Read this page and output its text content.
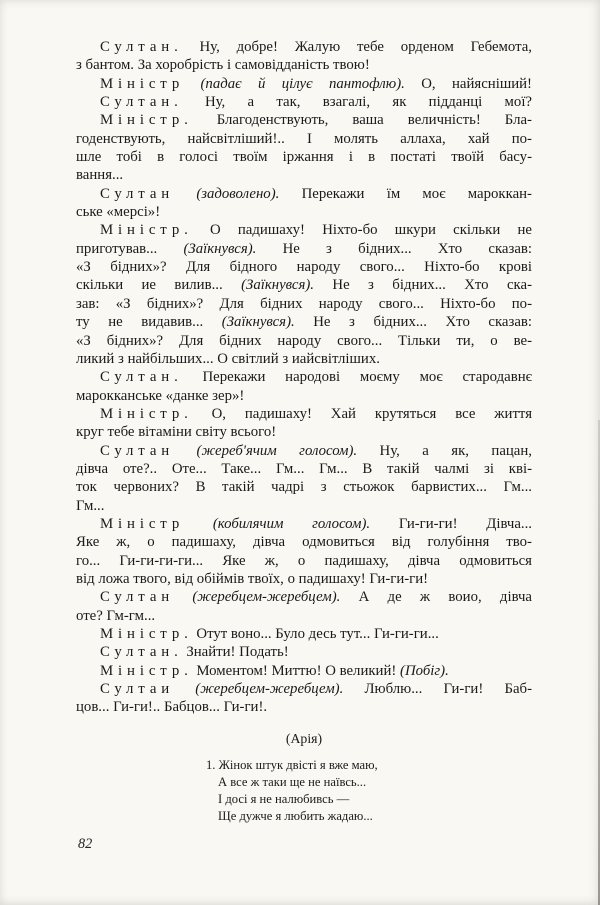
Султан. Ну, добре! Жалую тебе орденом Гебемота,
з бантом. За хоробрість і самовідданість твою!
Міністр (падає й цілує пантофлю). О, найясніший!
Султан. Ну, а так, взагалі, як підданці мої?
Міністр. Благоденствують, ваша величність! Бла-
годенствують, найсвітліший!.. І молять аллаха, хай по-
шле тобі в голосі твоїм іржання і в постаті твоїй басу-
вання...
Султан (задоволено). Перекажи їм моє мароккан-
ське «мерсі»!
Міністр. О падишаху! Ніхто-бо шкури скільки не
приготував... (Заїкнувся). Не з бідних... Хто сказав:
«З бідних»? Для бідного народу свого... Ніхто-бо крові
скільки ие вилив... (Заїкнувся). Не з бідних... Хто ска-
зав: «З бідних»? Для бідних народу свого... Ніхто-бо по-
ту не видавив... (Заїкнувся). Не з бідних... Хто сказав:
«З бідних»? Для бідних народу свого... Тільки ти, о ве-
ликий з найбільших... О світлий з иайсвітліших.
Султан. Перекажи народові моєму моє стародавнє
марокканське «данке зер»!
Міністр. О, падишаху! Хай крутяться все життя
круг тебе вітаміни світу всього!
Султан (жереб'ячим голосом). Ну, а як, пацан,
дівча оте?.. Оте... Таке... Гм... Гм... В такій чалмі зі кві-
ток червоних? В такій чадрі з стьожок барвистих... Гм...
Гм...
Міністр (кобилячим голосом). Ги-ги-ги! Дівча...
Яке ж, о падишаху, дівча одмовиться від голубіння тво-
го... Ги-ги-ги-ги... Яке ж, о падишаху, дівча одмовиться
від ложа твого, від обіймів твоїх, о падишаху! Ги-ги-ги!
Султан (жеребцем-жеребцем). А де ж воио, дівча
оте? Гм-гм...
Міністр. Отут воно... Було десь тут... Ги-ги-ги...
Султан. Знайти! Подать!
Міністр. Моментом! Миттю! О великий! (Побіг).
Султаи (жеребцем-жеребцем). Люблю... Ги-ги! Баб-
цов... Ги-ги!.. Бабцов... Ги-ги!.
(Арія)
1. Жінок штук двісті я вже маю,
А все ж таки ще не наївсь...
І досі я не налюбивсь —
Ще дужче я любить жадаю...
82
